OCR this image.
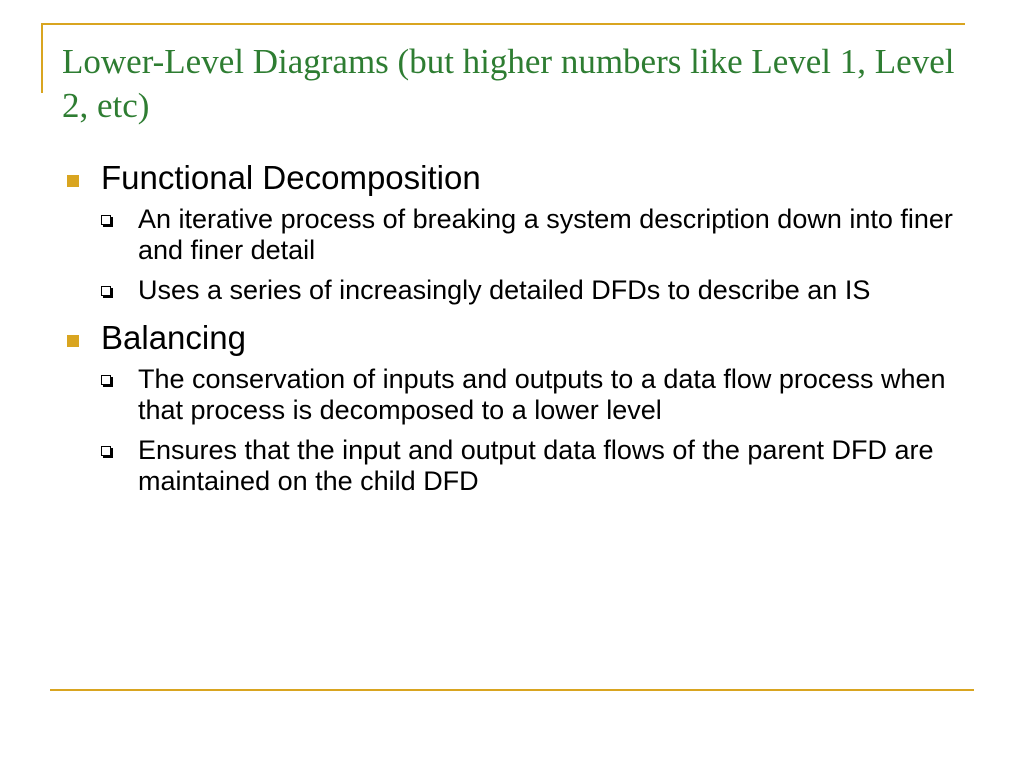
Lower-Level Diagrams (but higher numbers like Level 1, Level 2, etc)
Functional Decomposition
An iterative process of breaking a system description down into finer and finer detail
Uses a series of increasingly detailed DFDs to describe an IS
Balancing
The conservation of inputs and outputs to a data flow process when that process is decomposed to a lower level
Ensures that the input and output data flows of the parent DFD are maintained on the child DFD
